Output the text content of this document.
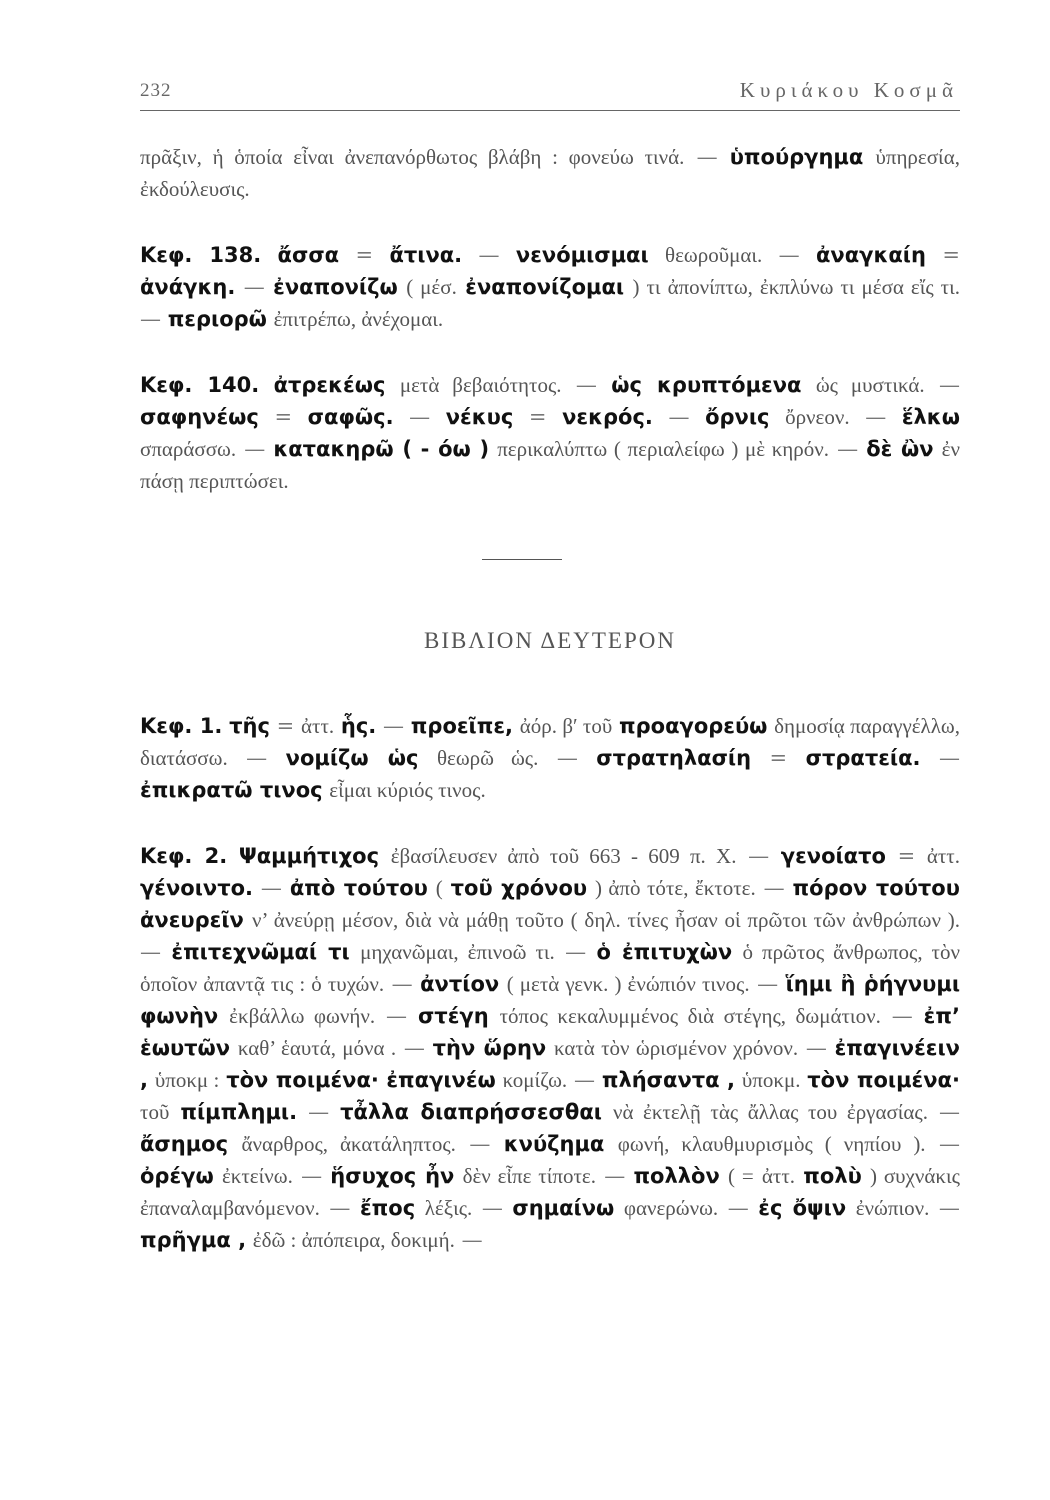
232	Κυριάκου Κοσμᾶ

πρᾶξιν, ἡ ὁποία εἶναι ἀνεπανόρθωτος βλάβη : φονεύω τινά. — ὑπούργημα ὑπηρεσία, ἐκδούλευσις.

Κεφ. 138. ἄσσα = ἄτινα. — νενόμισμαι θεωροῦμαι. — ἀναγκαίη = ἀνάγκη. — ἐναπονίζω ( μέσ. ἐναπονίζομαι ) τι ἀπονίπτω, ἐκπλύνω τι μέσα εἴς τι. — περιορῶ ἐπιτρέπω, ἀνέχομαι.

Κεφ. 140. ἀτρεκέως μετὰ βεβαιότητος. — ὡς κρυπτόμενα ὡς μυστικά. — σαφηνέως = σαφῶς. — νέκυς = νεκρός. — ὄρνις ὄρνεον. — ἕλκω σπαράσσω. — κατακηρῶ ( - όω ) περικαλύπτω ( περιαλείφω ) μὲ κηρόν. — δὲ ὢν ἐν πάσῃ περιπτώσει.

ΒΙΒΛΙΟΝ ΔΕΥΤΕΡΟΝ

Κεφ. 1. τῆς = ἀττ. ἧς. — προεῖπε, ἀόρ. β′ τοῦ προαγορεύω δημοσίᾳ παραγγέλλω, διατάσσω. — νομίζω ὡς θεωρῶ ὡς. — στρατηλασίη = στρατεία. — ἐπικρατῶ τινος εἶμαι κύριός τινος.

Κεφ. 2. Ψαμμήτιχος ἐβασίλευσεν ἀπὸ τοῦ 663 - 609 π. Χ. — γενοίατο = ἀττ. γένοιντο. — ἀπὸ τούτου ( τοῦ χρόνου ) ἀπὸ τότε, ἔκτοτε. — πόρον τούτου ἀνευρεῖν ν’ ἀνεύρῃ μέσον, διὰ νὰ μάθῃ τοῦτο ( δηλ. τίνες ἦσαν οἱ πρῶτοι τῶν ἀνθρώπων ). — ἐπιτεχνῶμαί τι μηχανῶμαι, ἐπινοῶ τι. — ὁ ἐπιτυχὼν ὁ πρῶτος ἄνθρωπος, τὸν ὁποῖον ἀπαντᾷ τις : ὁ τυχών. — ἀντίον ( μετὰ γενκ. ) ἐνώπιόν τινος. — ἵημι ἢ ῥήγνυμι φωνὴν ἐκβάλλω φωνήν. — στέγη τόπος κεκαλυμμένος διὰ στέγης, δωμάτιον. — ἐπ’ ἑωυτῶν καθ’ ἑαυτά, μόνα . — τὴν ὥρην κατὰ τὸν ὡρισμένον χρόνον. — ἐπαγινέειν , ὑποκμ : τὸν ποιμένα· ἐπαγινέω κομίζω. — πλήσαντα , ὑποκμ. τὸν ποιμένα· τοῦ πίμπλημι. — τἆλλα διαπρήσσεσθαι νὰ ἐκτελῇ τὰς ἄλλας του ἐργασίας. — ἄσημος ἄναρθρος, ἀκατάληπτος. — κνύζημα φωνή, κλαυθμυρισμὸς ( νηπίου ). — ὀρέγω ἐκτείνω. — ἥσυχος ἦν δὲν εἶπε τίποτε. — πολλὸν ( = ἀττ. πολὺ ) συχνάκις ἐπαναλαμβανόμενον. — ἔπος λέξις. — σημαίνω φανερώνω. — ἐς ὄψιν ἐνώπιον. — πρῆγμα , ἐδῶ : ἀπόπειρα, δοκιμή. —
